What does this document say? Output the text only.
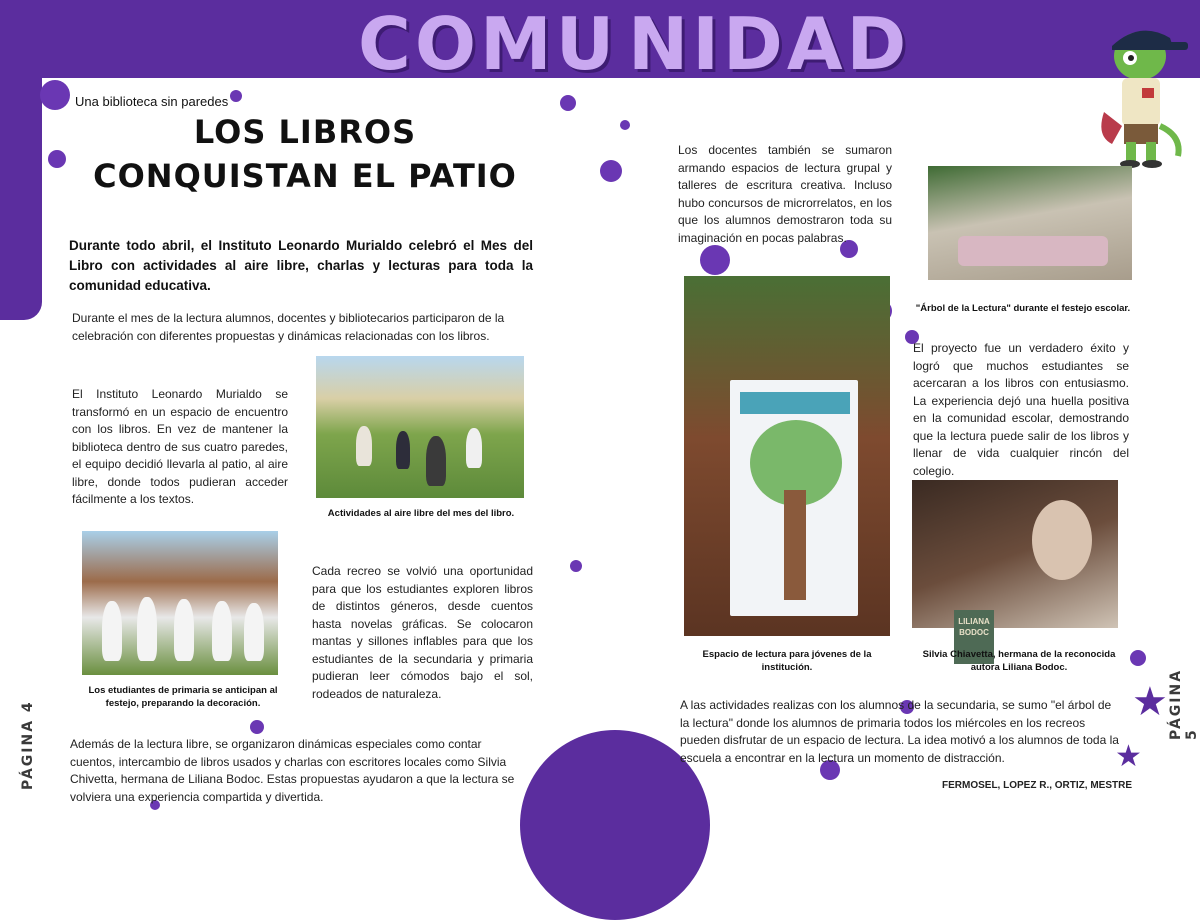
COMU NIDAD
Una biblioteca sin paredes
LOS LIBROS
CONQUISTAN EL PATIO

Durante todo abril, el Instituto Leonardo Murialdo celebró el Mes del Libro con actividades al aire libre, charlas y lecturas para toda la comunidad educativa.

Durante el mes de la lectura alumnos, docentes y bibliotecarios participaron de la celebración con diferentes propuestas y dinámicas relacionadas con los libros.

El Instituto Leonardo Murialdo se transformó en un espacio de encuentro con los libros. En vez de mantener la biblioteca dentro de sus cuatro paredes, el equipo decidió llevarla al patio, al aire libre, donde todos pudieran acceder fácilmente a los textos.

Actividades al aire libre del mes del libro.
Los etudiantes de primaria se anticipan al festejo, preparando la decoración.

Cada recreo se volvió una oportunidad para que los estudiantes exploren libros de distintos géneros, desde cuentos hasta novelas gráficas. Se colocaron mantas y sillones inflables para que los estudiantes de la secundaria y primaria pudieran leer cómodos bajo el sol, rodeados de naturaleza.

Además de la lectura libre, se organizaron dinámicas especiales como contar cuentos, intercambio de libros usados y charlas con escritores locales como Silvia Chivetta, hermana de Liliana Bodoc. Estas propuestas ayudaron a que la lectura se volviera una experiencia compartida y divertida.

PÁGINA 4

Los docentes también se sumaron armando espacios de lectura grupal y talleres de escritura creativa. Incluso hubo concursos de microrrelatos, en los que los alumnos demostraron toda su imaginación en pocas palabras.

"Árbol de la Lectura" durante el festejo escolar.
Espacio de lectura para jóvenes de la institución.

El proyecto fue un verdadero éxito y logró que muchos estudiantes se acercaran a los libros con entusiasmo. La experiencia dejó una huella positiva en la comunidad escolar, demostrando que la lectura puede salir de los libros y llenar de vida cualquier rincón del colegio.

LILIANA BODOC
Silvia Chiavetta, hermana de la reconocida autora Liliana Bodoc.

A las actividades realizas con los alumnos de la secundaria, se sumo "el árbol de la lectura" donde los alumnos de primaria todos los miércoles en los recreos pueden disfrutar de un espacio de lectura. La idea motivó a los alumnos de toda la escuela a encontrar en la lectura un momento de distracción.

FERMOSEL, LOPEZ R., ORTIZ, MESTRE
★
★
PÁGINA 5
